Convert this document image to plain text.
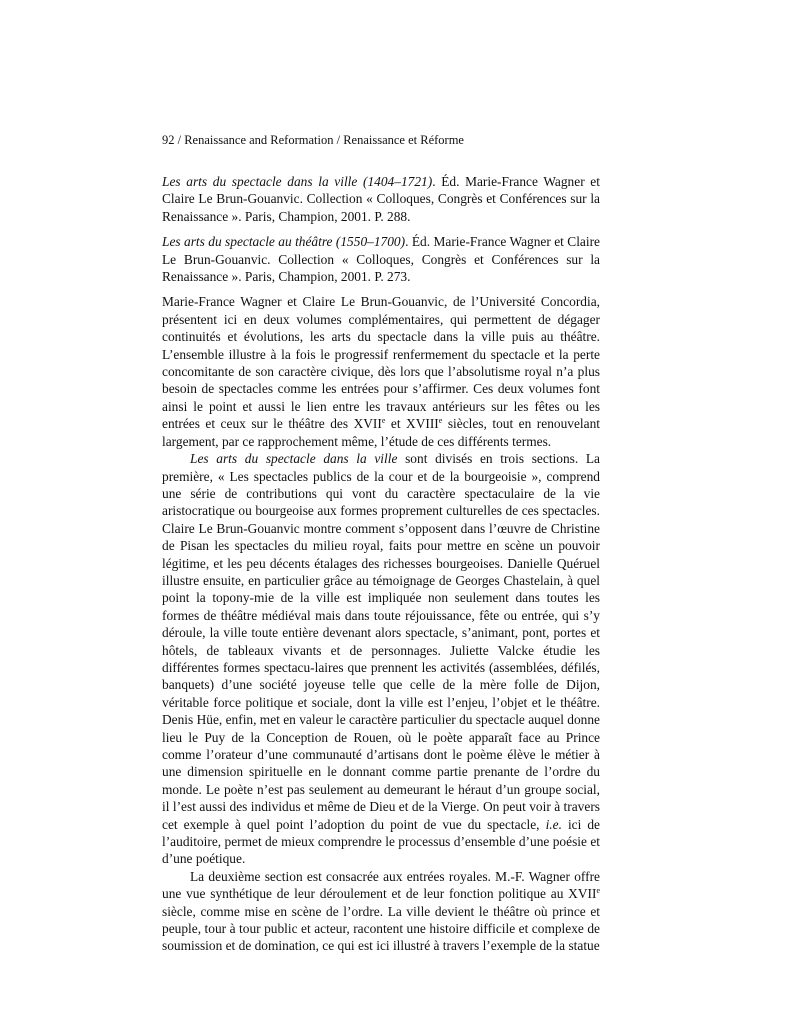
92 / Renaissance and Reformation / Renaissance et Réforme
Les arts du spectacle dans la ville (1404–1721). Éd. Marie-France Wagner et Claire Le Brun-Gouanvic. Collection « Colloques, Congrès et Conférences sur la Renaissance ». Paris, Champion, 2001. P. 288.
Les arts du spectacle au théâtre (1550–1700). Éd. Marie-France Wagner et Claire Le Brun-Gouanvic. Collection « Colloques, Congrès et Conférences sur la Renaissance ». Paris, Champion, 2001. P. 273.

Marie-France Wagner et Claire Le Brun-Gouanvic, de l’Université Concordia, présentent ici en deux volumes complémentaires, qui permettent de dégager continuités et évolutions, les arts du spectacle dans la ville puis au théâtre. L’ensemble illustre à la fois le progressif renfermement du spectacle et la perte concomitante de son caractère civique, dès lors que l’absolutisme royal n’a plus besoin de spectacles comme les entrées pour s’affirmer. Ces deux volumes font ainsi le point et aussi le lien entre les travaux antérieurs sur les fêtes ou les entrées et ceux sur le théâtre des XVIIe et XVIIIe siècles, tout en renouvelant largement, par ce rapprochement même, l’étude de ces différents termes.

Les arts du spectacle dans la ville sont divisés en trois sections. La première, « Les spectacles publics de la cour et de la bourgeoisie », comprend une série de contributions qui vont du caractère spectaculaire de la vie aristocratique ou bourgeoise aux formes proprement culturelles de ces spectacles. Claire Le Brun-Gouanvic montre comment s’opposent dans l’œuvre de Christine de Pisan les spectacles du milieu royal, faits pour mettre en scène un pouvoir légitime, et les peu décents étalages des richesses bourgeoises. Danielle Quéruel illustre ensuite, en particulier grâce au témoignage de Georges Chastelain, à quel point la topony-mie de la ville est impliquée non seulement dans toutes les formes de théâtre médiéval mais dans toute réjouissance, fête ou entrée, qui s’y déroule, la ville toute entière devenant alors spectacle, s’animant, pont, portes et hôtels, de tableaux vivants et de personnages. Juliette Valcke étudie les différentes formes spectacu-laires que prennent les activités (assemblées, défilés, banquets) d’une société joyeuse telle que celle de la mère folle de Dijon, véritable force politique et sociale, dont la ville est l’enjeu, l’objet et le théâtre. Denis Hüe, enfin, met en valeur le caractère particulier du spectacle auquel donne lieu le Puy de la Conception de Rouen, où le poète apparaît face au Prince comme l’orateur d’une communauté d’artisans dont le poème élève le métier à une dimension spirituelle en le donnant comme partie prenante de l’ordre du monde. Le poète n’est pas seulement au demeurant le héraut d’un groupe social, il l’est aussi des individus et même de Dieu et de la Vierge. On peut voir à travers cet exemple à quel point l’adoption du point de vue du spectacle, i.e. ici de l’auditoire, permet de mieux comprendre le processus d’ensemble d’une poésie et d’une poétique.

La deuxième section est consacrée aux entrées royales. M.-F. Wagner offre une vue synthétique de leur déroulement et de leur fonction politique au XVIIe siècle, comme mise en scène de l’ordre. La ville devient le théâtre où prince et peuple, tour à tour public et acteur, racontent une histoire difficile et complexe de soumission et de domination, ce qui est ici illustré à travers l’exemple de la statue
